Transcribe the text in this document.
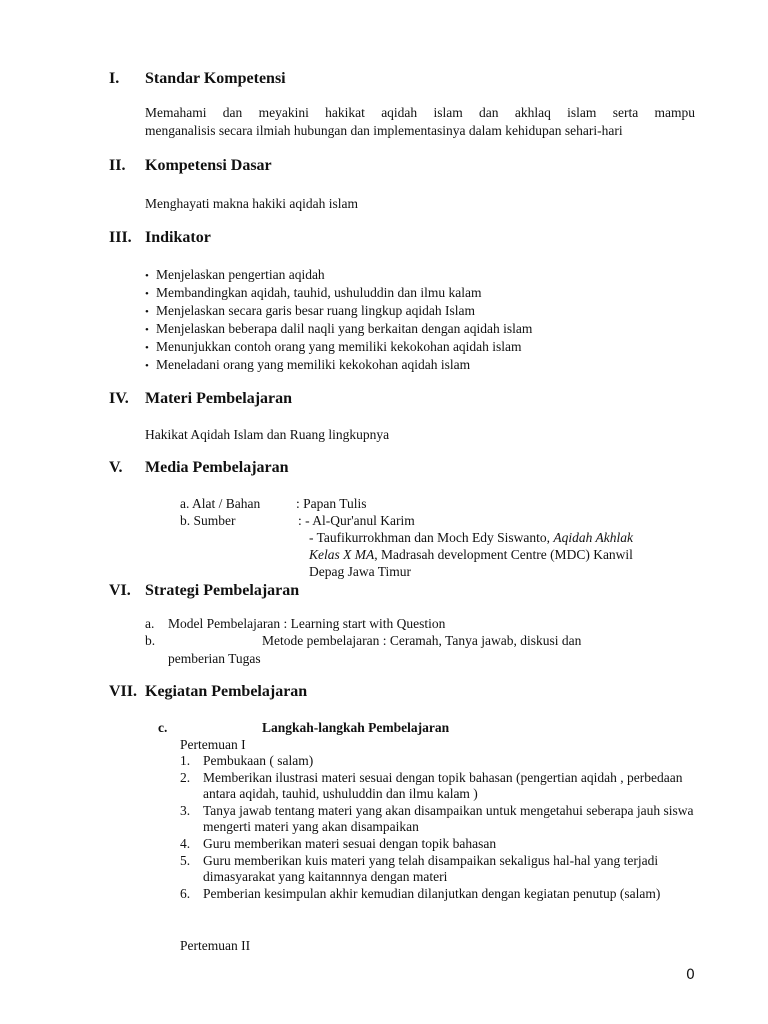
I. Standar Kompetensi
Memahami dan meyakini hakikat aqidah islam dan akhlaq islam serta mampu
menganalisis secara ilmiah hubungan dan implementasinya dalam kehidupan sehari-hari
II. Kompetensi Dasar
Menghayati makna hakiki aqidah islam
III. Indikator
• Menjelaskan pengertian aqidah
• Membandingkan aqidah, tauhid, ushuluddin dan ilmu kalam
• Menjelaskan secara garis besar ruang lingkup aqidah Islam
• Menjelaskan beberapa dalil naqli yang berkaitan dengan aqidah islam
• Menunjukkan contoh orang yang memiliki kekokohan aqidah islam
• Meneladani orang yang memiliki kekokohan aqidah islam
IV. Materi Pembelajaran
Hakikat Aqidah Islam dan Ruang lingkupnya
V. Media Pembelajaran
a. Alat / Bahan	: Papan Tulis
b. Sumber	: - Al-Qur'anul Karim
- Taufikurrokhman dan Moch Edy Siswanto, Aqidah Akhlak
Kelas X MA, Madrasah development Centre (MDC) Kanwil
Depag Jawa Timur
VI. Strategi Pembelajaran
a. Model Pembelajaran : Learning start with Question
b.	Metode pembelajaran : Ceramah, Tanya jawab, diskusi dan
pemberian Tugas
VII. Kegiatan Pembelajaran
c.	Langkah-langkah Pembelajaran
Pertemuan I
1. Pembukaan ( salam)
2. Memberikan ilustrasi materi sesuai dengan topik bahasan (pengertian aqidah , perbedaan antara aqidah, tauhid, ushuluddin dan ilmu kalam )
3. Tanya jawab tentang materi yang akan disampaikan untuk mengetahui seberapa jauh siswa mengerti materi yang akan disampaikan
4. Guru memberikan materi sesuai dengan topik bahasan
5. Guru memberikan kuis materi yang telah disampaikan sekaligus hal-hal yang terjadi dimasyarakat yang kaitannnya dengan materi
6. Pemberian kesimpulan akhir kemudian dilanjutkan dengan kegiatan penutup (salam)
Pertemuan II
0
